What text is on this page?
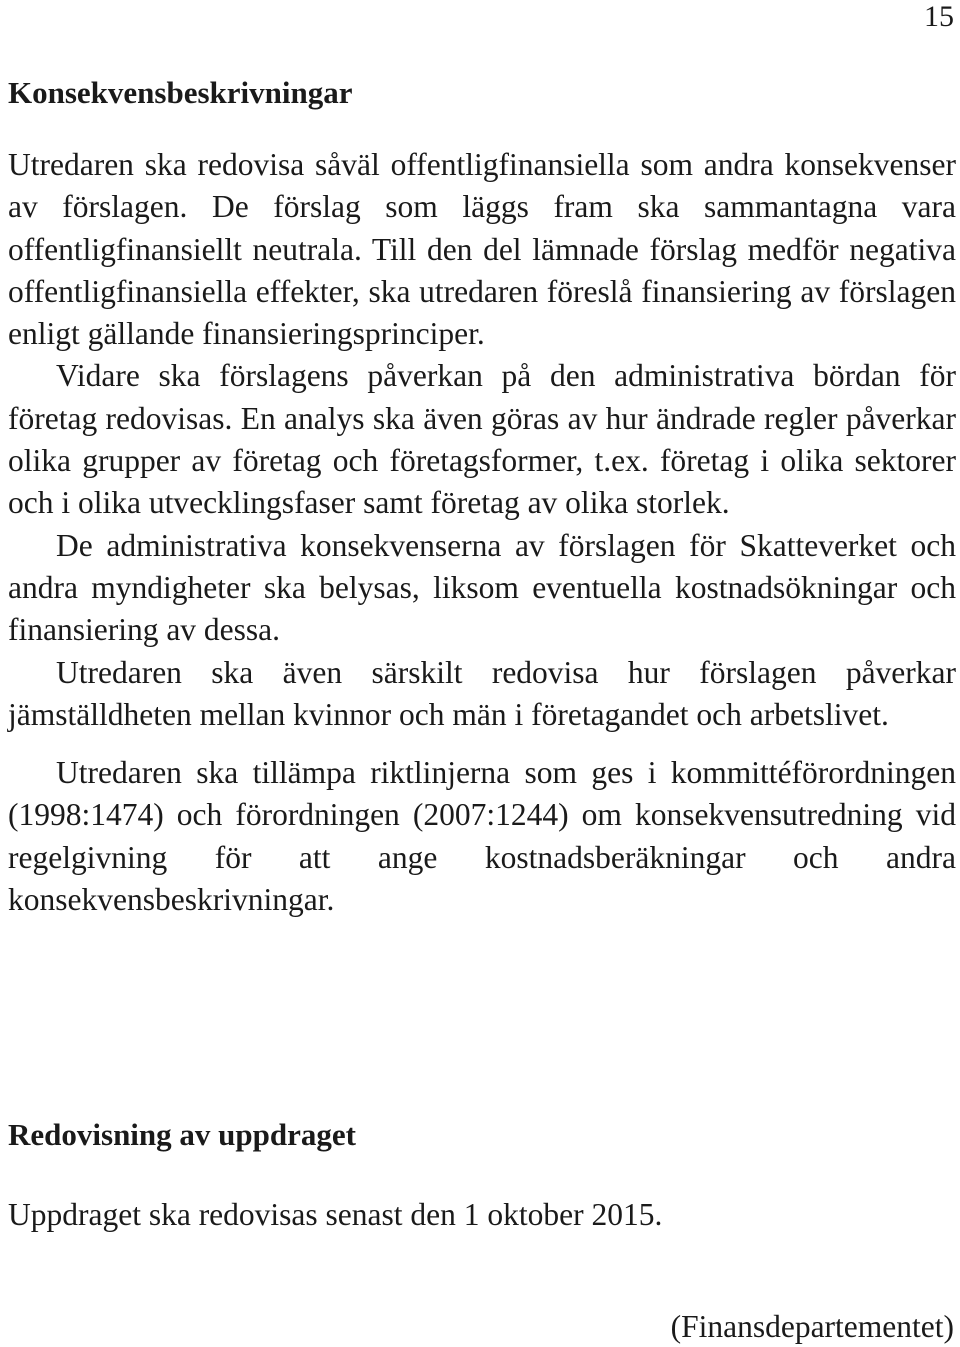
15
Konsekvensbeskrivningar

Utredaren ska redovisa såväl offentligfinansiella som andra konsekvenser av förslagen. De förslag som läggs fram ska sammantagna vara offentligfinansiellt neutrala. Till den del lämnade förslag medför negativa offentligfinansiella effekter, ska utredaren föreslå finansiering av förslagen enligt gällande finansieringsprinciper.

Vidare ska förslagens påverkan på den administrativa bördan för företag redovisas. En analys ska även göras av hur ändrade regler påverkar olika grupper av företag och företagsformer, t.ex. företag i olika sektorer och i olika utvecklingsfaser samt företag av olika storlek.

De administrativa konsekvenserna av förslagen för Skatteverket och andra myndigheter ska belysas, liksom eventuella kostnadsökningar och finansiering av dessa.

Utredaren ska även särskilt redovisa hur förslagen påverkar jämställdheten mellan kvinnor och män i företagandet och arbetslivet.

Utredaren ska tillämpa riktlinjerna som ges i kommittéförordningen (1998:1474) och förordningen (2007:1244) om konsekvensutredning vid regelgivning för att ange kostnadsberäkningar och andra konsekvensbeskrivningar.

Redovisning av uppdraget

Uppdraget ska redovisas senast den 1 oktober 2015.

(Finansdepartementet)
